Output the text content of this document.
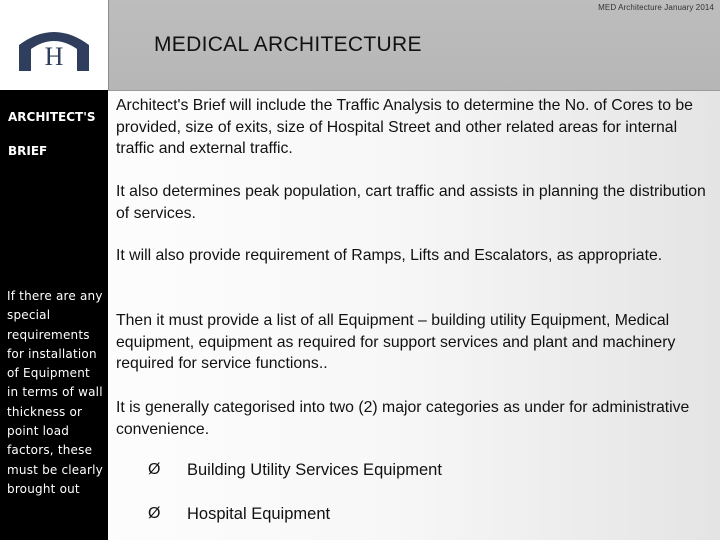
H
MED Architecture January 2014
MEDICAL ARCHITECTURE
ARCHITECT'S
BRIEF
If there are any special requirements for installation of Equipment in terms of wall thickness or point load factors, these must be clearly brought out
Architect's Brief will include the Traffic Analysis to determine the No. of Cores to be provided, size of exits, size of Hospital Street and other related areas for internal traffic and external traffic.
It also determines peak population, cart traffic and assists in planning the distribution of services.
It will also provide requirement of Ramps, Lifts and Escalators, as appropriate.
Then it must provide a list of all Equipment – building utility Equipment, Medical equipment, equipment as required for support services and plant and machinery required for service functions..
It is generally categorised into two (2) major categories as under for administrative convenience.
Ø Building Utility Services Equipment
Ø Hospital Equipment
